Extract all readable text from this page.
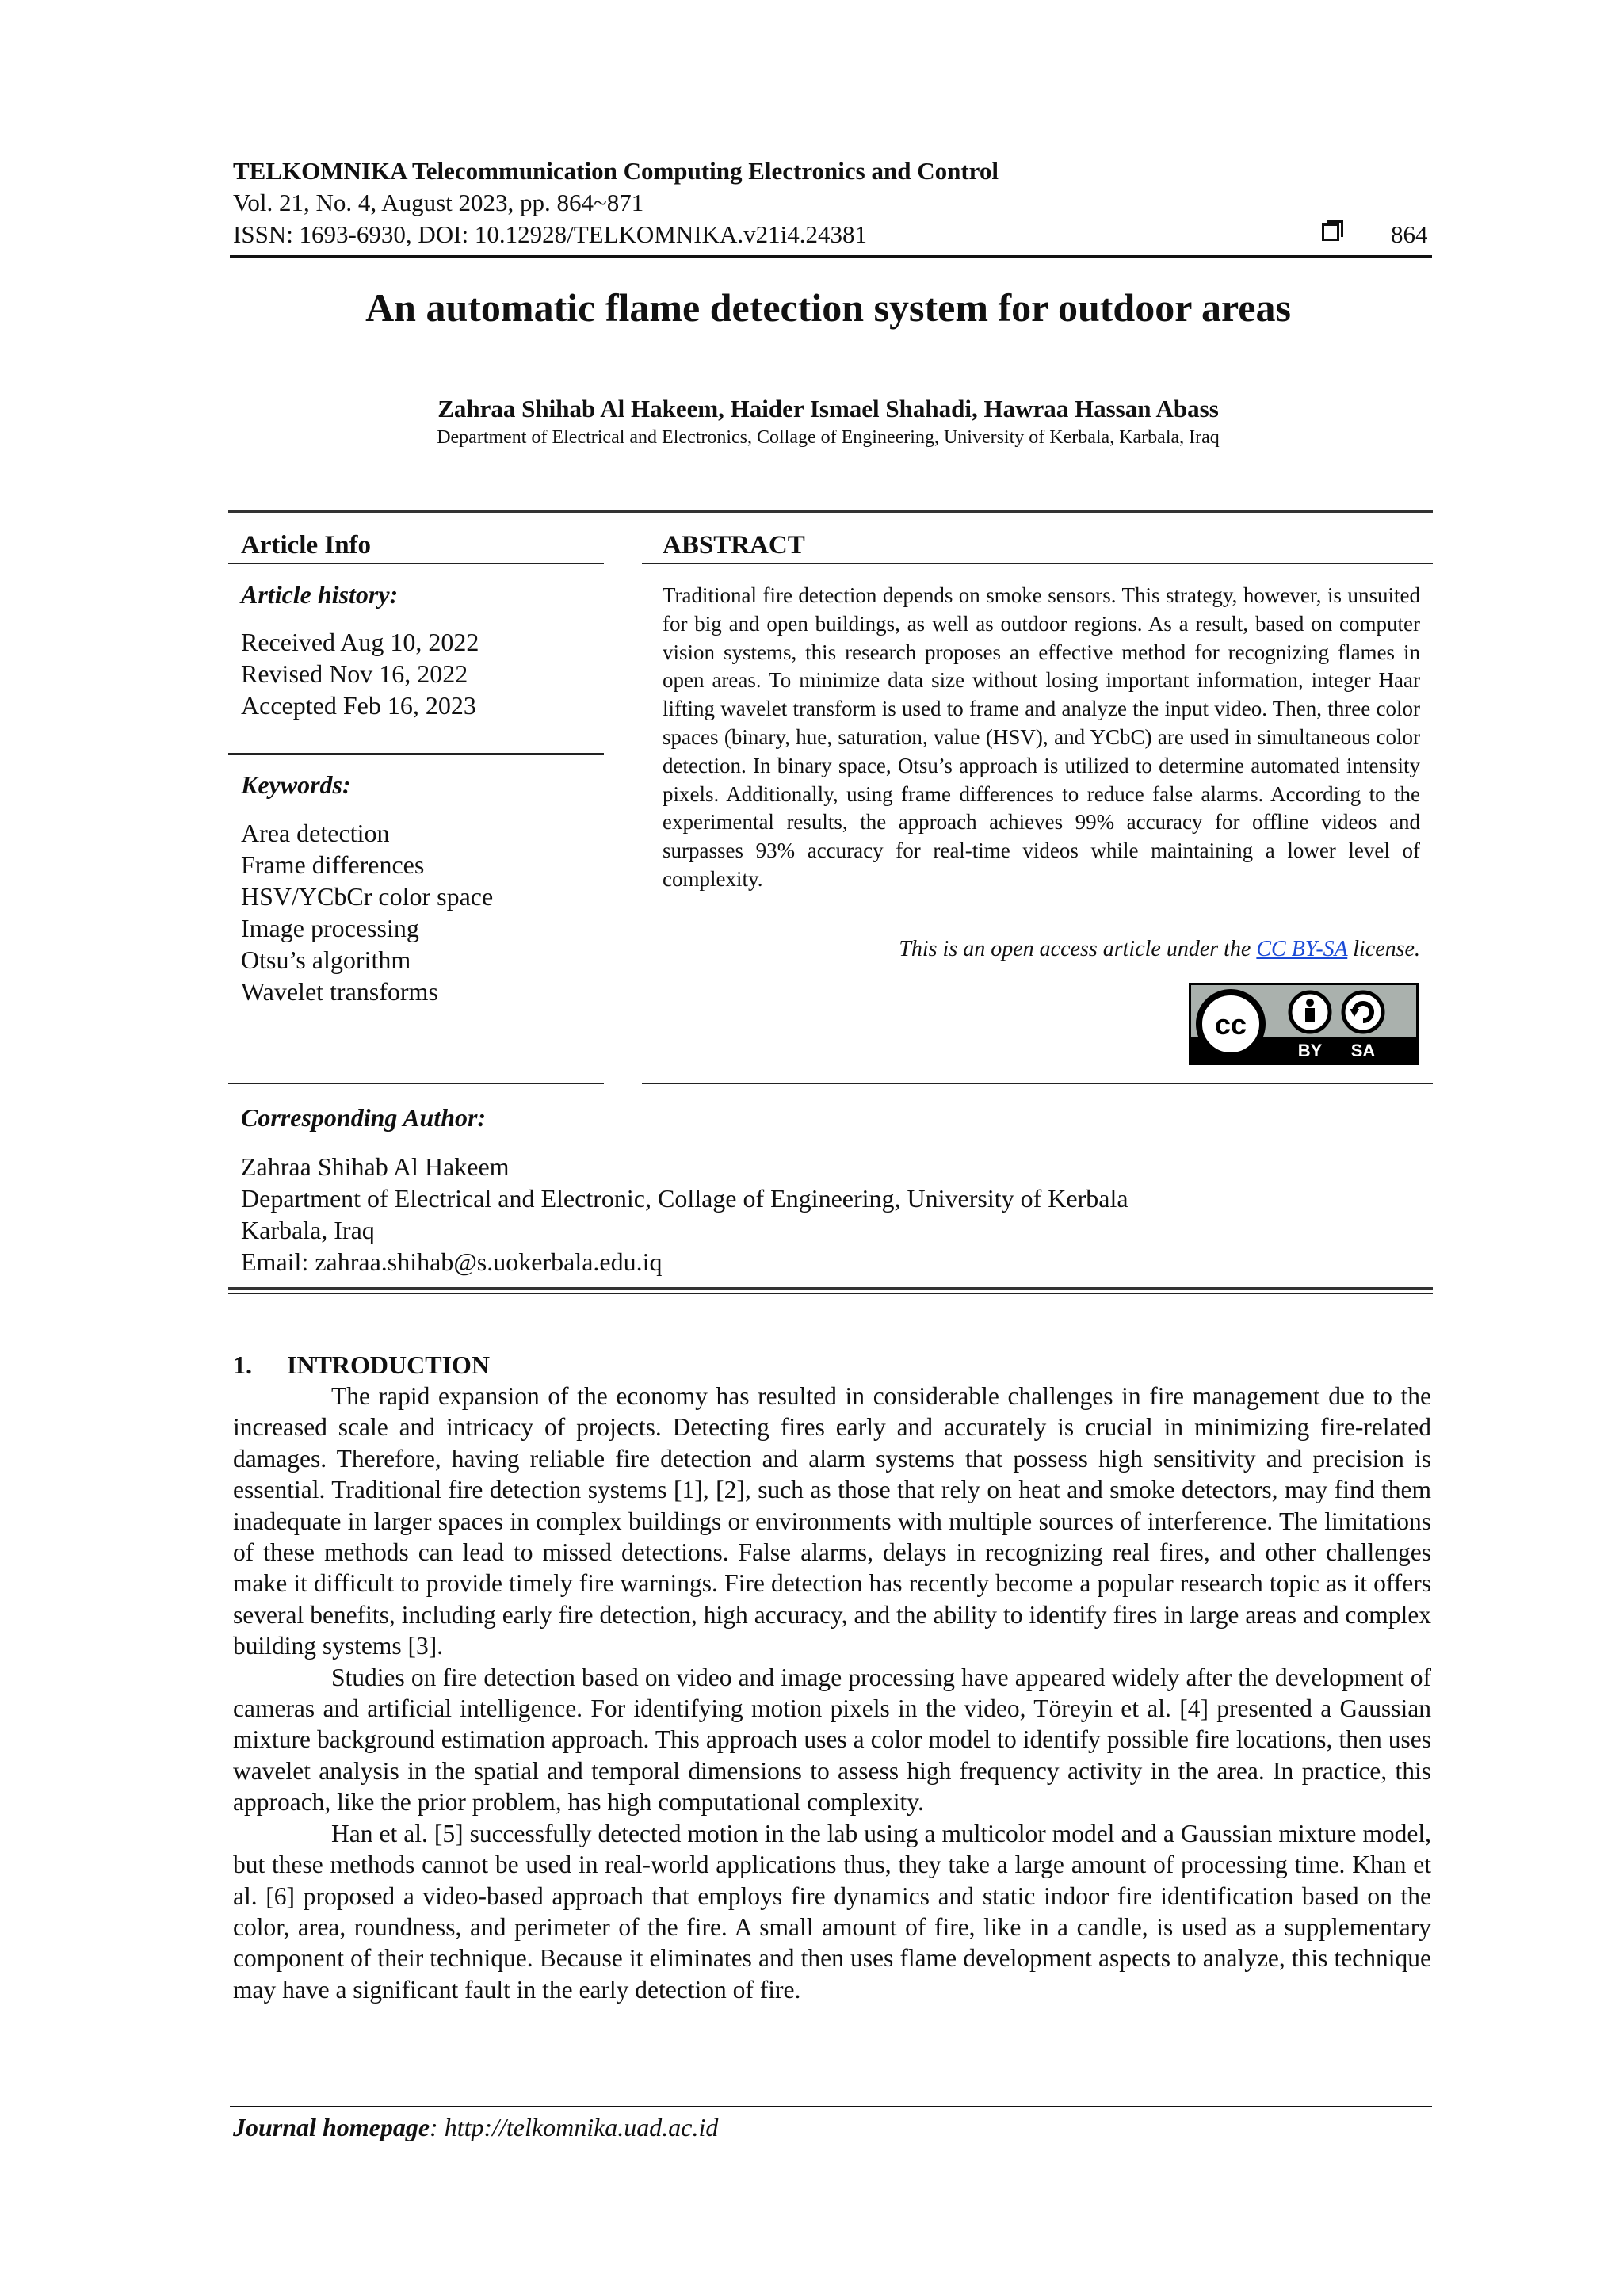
TELKOMNIKA Telecommunication Computing Electronics and Control
Vol. 21, No. 4, August 2023, pp. 864~871
ISSN: 1693-6930, DOI: 10.12928/TELKOMNIKA.v21i4.24381	864
An automatic flame detection system for outdoor areas
Zahraa Shihab Al Hakeem, Haider Ismael Shahadi, Hawraa Hassan Abass
Department of Electrical and Electronics, Collage of Engineering, University of Kerbala, Karbala, Iraq
Article Info	ABSTRACT
Article history:
Received Aug 10, 2022
Revised Nov 16, 2022
Accepted Feb 16, 2023
Keywords:
Area detection
Frame differences
HSV/YCbCr color space
Image processing
Otsu’s algorithm
Wavelet transforms

Traditional fire detection depends on smoke sensors. This strategy, however, is unsuited for big and open buildings, as well as outdoor regions. As a result, based on computer vision systems, this research proposes an effective method for recognizing flames in open areas. To minimize data size without losing important information, integer Haar lifting wavelet transform is used to frame and analyze the input video. Then, three color spaces (binary, hue, saturation, value (HSV), and YCbC) are used in simultaneous color detection. In binary space, Otsu’s approach is utilized to determine automated intensity pixels. Additionally, using frame differences to reduce false alarms. According to the experimental results, the approach achieves 99% accuracy for offline videos and surpasses 93% accuracy for real-time videos while maintaining a lower level of complexity.

This is an open access article under the CC BY-SA license.
cc
BY SA
Corresponding Author:
Zahraa Shihab Al Hakeem
Department of Electrical and Electronic, Collage of Engineering, University of Kerbala
Karbala, Iraq
Email: zahraa.shihab@s.uokerbala.edu.iq
1. INTRODUCTION

The rapid expansion of the economy has resulted in considerable challenges in fire management due to the increased scale and intricacy of projects. Detecting fires early and accurately is crucial in minimizing fire-related damages. Therefore, having reliable fire detection and alarm systems that possess high sensitivity and precision is essential. Traditional fire detection systems [1], [2], such as those that rely on heat and smoke detectors, may find them inadequate in larger spaces in complex buildings or environments with multiple sources of interference. The limitations of these methods can lead to missed detections. False alarms, delays in recognizing real fires, and other challenges make it difficult to provide timely fire warnings. Fire detection has recently become a popular research topic as it offers several benefits, including early fire detection, high accuracy, and the ability to identify fires in large areas and complex building systems [3].

Studies on fire detection based on video and image processing have appeared widely after the development of cameras and artificial intelligence. For identifying motion pixels in the video, Töreyin et al. [4] presented a Gaussian mixture background estimation approach. This approach uses a color model to identify possible fire locations, then uses wavelet analysis in the spatial and temporal dimensions to assess high frequency activity in the area. In practice, this approach, like the prior problem, has high computational complexity.

Han et al. [5] successfully detected motion in the lab using a multicolor model and a Gaussian mixture model, but these methods cannot be used in real-world applications thus, they take a large amount of processing time. Khan et al. [6] proposed a video-based approach that employs fire dynamics and static indoor fire identification based on the color, area, roundness, and perimeter of the fire. A small amount of fire, like in a candle, is used as a supplementary component of their technique. Because it eliminates and then uses flame development aspects to analyze, this technique may have a significant fault in the early detection of fire.

Journal homepage: http://telkomnika.uad.ac.id
